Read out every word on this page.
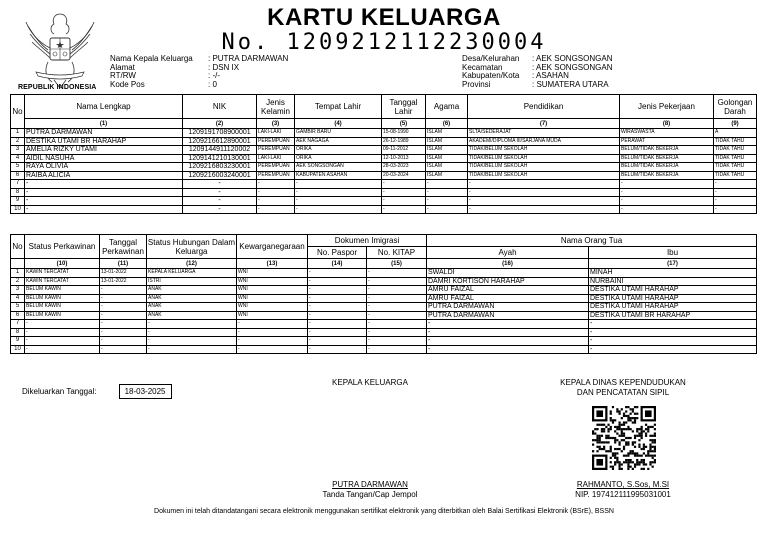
REPUBLIK INDONESIA
KARTU KELUARGA
No. 1209212112230004
Nama Kepala Keluarga	: PUTRA DARMAWAN
Alamat	: DSN IX
RT/RW	: -/-
Kode Pos	: 0
Desa/Kelurahan	: AEK SONGSONGAN
Kecamatan	: AEK SONGSONGAN
Kabupaten/Kota	: ASAHAN
Provinsi	: SUMATERA UTARA
No	Nama Lengkap	NIK	Jenis Kelamin	Tempat Lahir	Tanggal Lahir	Agama	Pendidikan	Jenis Pekerjaan	Golongan Darah
	(1)	(2)	(3)	(4)	(5)	(6)	(7)	(8)	(9)
1	PUTRA DARMAWAN	1209191708900001	LAKI-LAKI	GAMBIR BARU	15-08-1990	ISLAM	SLTA/SEDERAJAT	WIRASWASTA	A
2	DESTIKA UTAMI BR HARAHAP	1209216612890001	PEREMPUAN	AEK NAGAGA	26-12-1989	ISLAM	AKADEMI/DIPLOMA III/SARJANA MUDA	PERAWAT	TIDAK TAHU
3	AMELIA RIZKY UTAMI	1209144911120002	PEREMPUAN	ORIKA	09-11-2012	ISLAM	TIDAK/BELUM SEKOLAH	BELUM/TIDAK BEKERJA	TIDAK TAHU
4	AIDIL NASUHA	1209141210130001	LAKI-LAKI	ORIKA	12-10-2013	ISLAM	TIDAK/BELUM SEKOLAH	BELUM/TIDAK BEKERJA	TIDAK TAHU
5	RAYA OLIVIA	1209216803230001	PEREMPUAN	AEK SONGSONGAN	28-03-2023	ISLAM	TIDAK/BELUM SEKOLAH	BELUM/TIDAK BEKERJA	TIDAK TAHU
6	RAIBA ALICIA	1209216003240001	PEREMPUAN	KABUPATEN ASAHAN	20-03-2024	ISLAM	TIDAK/BELUM SEKOLAH	BELUM/TIDAK BEKERJA	TIDAK TAHU
7	-	-	-	-	-	-	-	-	-
8	-	-	-	-	-	-	-	-	-
9	-	-	-	-	-	-	-	-	-
10	-	-	-	-	-	-	-	-	-
No	Status Perkawinan	Tanggal Perkawinan	Status Hubungan Dalam Keluarga	Kewarganegaraan	Dokumen Imigrasi		Nama Orang Tua	
					No. Paspor	No. KITAP	Ayah	Ibu
	(10)	(11)	(12)	(13)	(14)	(15)	(16)	(17)
1	KAWIN TERCATAT	13-01-2022	KEPALA KELUARGA	WNI	-	-	SWALDI	MINAH
2	KAWIN TERCATAT	13-01-2022	ISTRI	WNI	-	-	DAMRI KORTISON HARAHAP	NURBAINI
3	BELUM KAWIN	-	ANAK	WNI	-	-	AMRU FAIZAL	DESTIKA UTAMI HARAHAP
4	BELUM KAWIN	-	ANAK	WNI	-	-	AMRU FAIZAL	DESTIKA UTAMI HARAHAP
5	BELUM KAWIN	-	ANAK	WNI	-	-	PUTRA DARMAWAN	DESTIKA UTAMI HARAHAP
6	BELUM KAWIN	-	ANAK	WNI	-	-	PUTRA DARMAWAN	DESTIKA UTAMI BR HARAHAP
7	-	-	-	-	-	-	-	-
8	-	-	-	-	-	-	-	-
9	-	-	-	-	-	-	-	-
10	-	-	-	-	-	-	-	-
Dikeluarkan Tanggal:	18-03-2025
KEPALA KELUARGA	KEPALA DINAS KEPENDUDUKAN
DAN PENCATATAN SIPIL
PUTRA DARMAWAN
Tanda Tangan/Cap Jempol
RAHMANTO, S.Sos, M.SI
NIP. 197412111995031001
Dokumen ini telah ditandatangani secara elektronik menggunakan sertifikat elektronik yang diterbitkan oleh Balai Sertifikasi Elektronik (BSrE), BSSN
